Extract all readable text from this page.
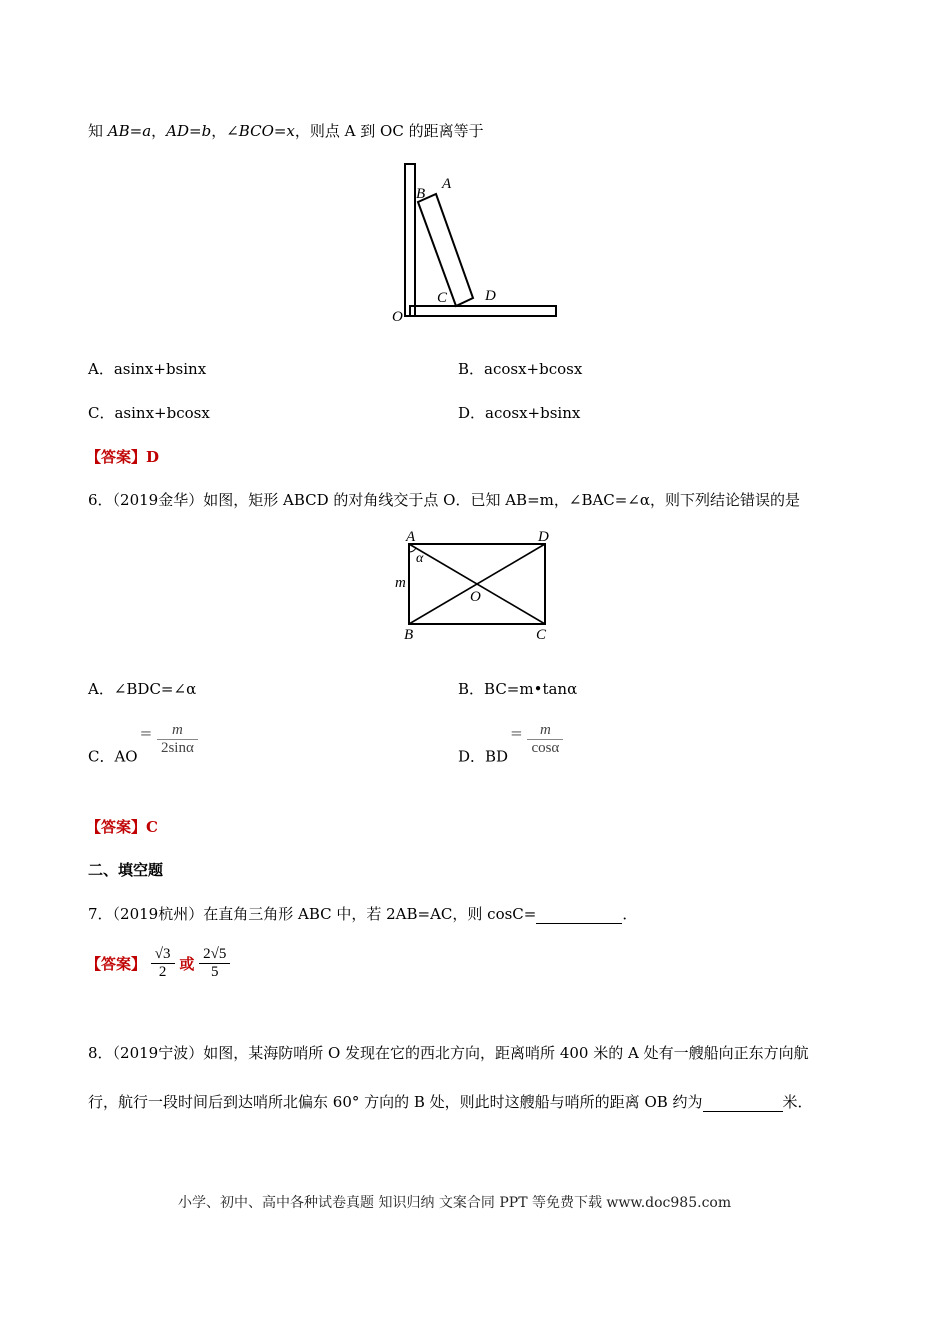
知 AB=a，AD=b，∠BCO=x，则点 A 到 OC 的距离等于
B
A
C	D
O
A．asinx+bsinx	B．acosx+bcosx
C．asinx+bcosx	D．acosx+bsinx
【答案】D
6．（2019金华）如图，矩形 ABCD 的对角线交于点 O．已知 AB=m，∠BAC=∠α，则下列结论错误的是
A	D
B	C
O
m
α
A．∠BDC=∠α	B．BC=m•tanα
C．$AO= \frac{m}{2\sin\alpha}$	D．$BD= \frac{m}{\cos\alpha}$
【答案】C
二、填空题
7．（2019杭州）在直角三角形 ABC 中，若 2AB=AC，则 cosC=	．
【答案】 $\frac{√3}{2}$ 或 $\frac{2√5}{5}$
8．（2019宁波）如图，某海防哨所 O 发现在它的西北方向，距离哨所 400 米的 A 处有一艘船向正东方向航
行，航行一段时间后到达哨所北偏东 60° 方向的 B 处，则此时这艘船与哨所的距离 OB 约为	米．
小学、初中、高中各种试卷真题 知识归纳 文案合同 PPT 等免费下载 www.doc985.com
